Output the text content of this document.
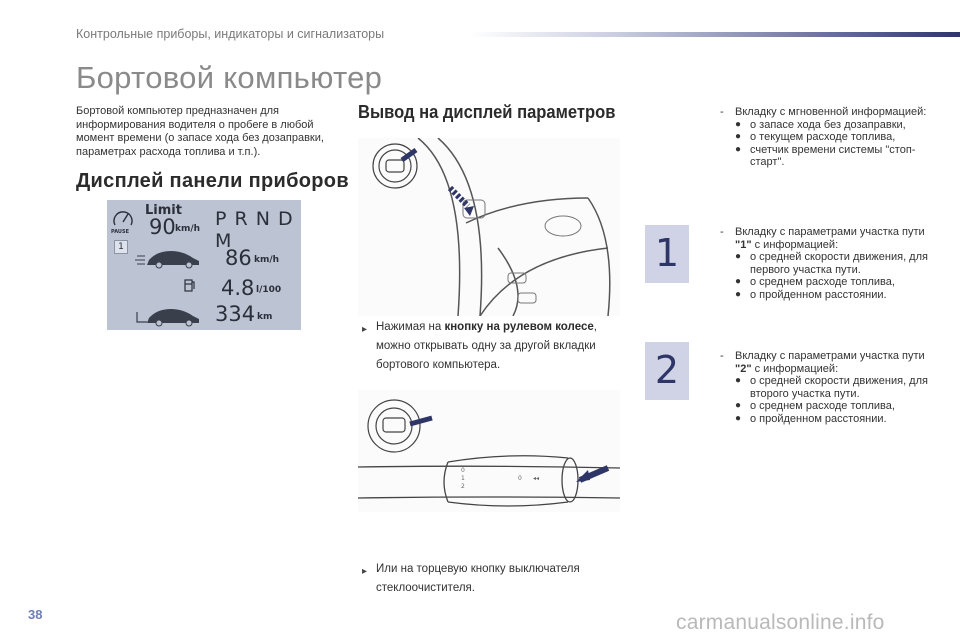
Контрольные приборы, индикаторы и сигнализаторы
Бортовой компьютер
Бортовой компьютер предназначен для информирования водителя о пробеге в любой момент времени (о запасе хода без дозаправки, параметрах расхода топлива и т.п.).
Дисплей панели приборов
Limit
90 km/h
PAUSE
1
P R N D M
86 km/h
4.8 l/100
334 km
Вывод на дисплей параметров
▸ Нажимая на кнопку на рулевом колесе, можно открывать одну за другой вкладки бортового компьютера.
0
1
2
0 ◂◂
▸ Или на торцевую кнопку выключателя стеклоочистителя.
1
2
- Вкладку с мгновенной информацией:
● о запасе хода без дозаправки,
● о текущем расходе топлива,
● счетчик времени системы "стоп-старт".
- Вкладку с параметрами участка пути "1" с информацией:
● о средней скорости движения, для первого участка пути.
● о среднем расходе топлива,
● о пройденном расстоянии.
- Вкладку с параметрами участка пути "2" с информацией:
● о средней скорости движения, для второго участка пути.
● о среднем расходе топлива,
● о пройденном расстоянии.
38	carmanualsonline.info
